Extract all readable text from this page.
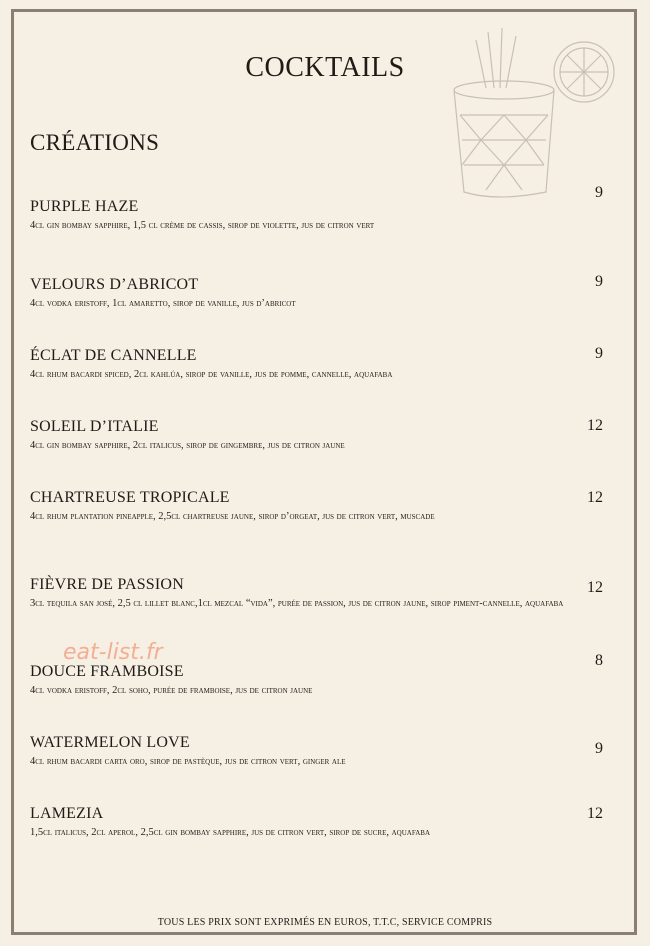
COCKTAILS
CRÉATIONS
PURPLE HAZE
4cl gin bombay sapphire, 1,5 cl crème de cassis, sirop de violette, jus de citron vert
9
VELOURS D’ABRICOT
4cl vodka eristoff, 1cl amaretto, sirop de vanille, jus d’abricot
9
ÉCLAT DE CANNELLE
4cl rhum bacardi spiced, 2cl kahlúa, sirop de vanille, jus de pomme, cannelle, aquafaba
9
SOLEIL D’ITALIE
4cl gin bombay sapphire, 2cl italicus, sirop de gingembre, jus de citron jaune
12
CHARTREUSE TROPICALE
4cl rhum plantation pineapple, 2,5cl chartreuse jaune, sirop d’orgeat, jus de citron vert, muscade
12
FIÈVRE DE PASSION
3cl tequila san josé, 2,5 cl lillet blanc,1cl mezcal “vida”, purée de passion, jus de citron jaune, sirop piment-cannelle, aquafaba
12
DOUCE FRAMBOISE
4cl vodka eristoff, 2cl soho, purée de framboise, jus de citron jaune
8
WATERMELON LOVE
4cl rhum bacardi carta oro, sirop de pastèque, jus de citron vert, ginger ale
9
LAMEZIA
1,5cl italicus, 2cl aperol, 2,5cl gin bombay sapphire, jus de citron vert, sirop de sucre, aquafaba
12
eat-list.fr
TOUS LES PRIX SONT EXPRIMÉS EN EUROS, T.T.C, SERVICE COMPRIS
